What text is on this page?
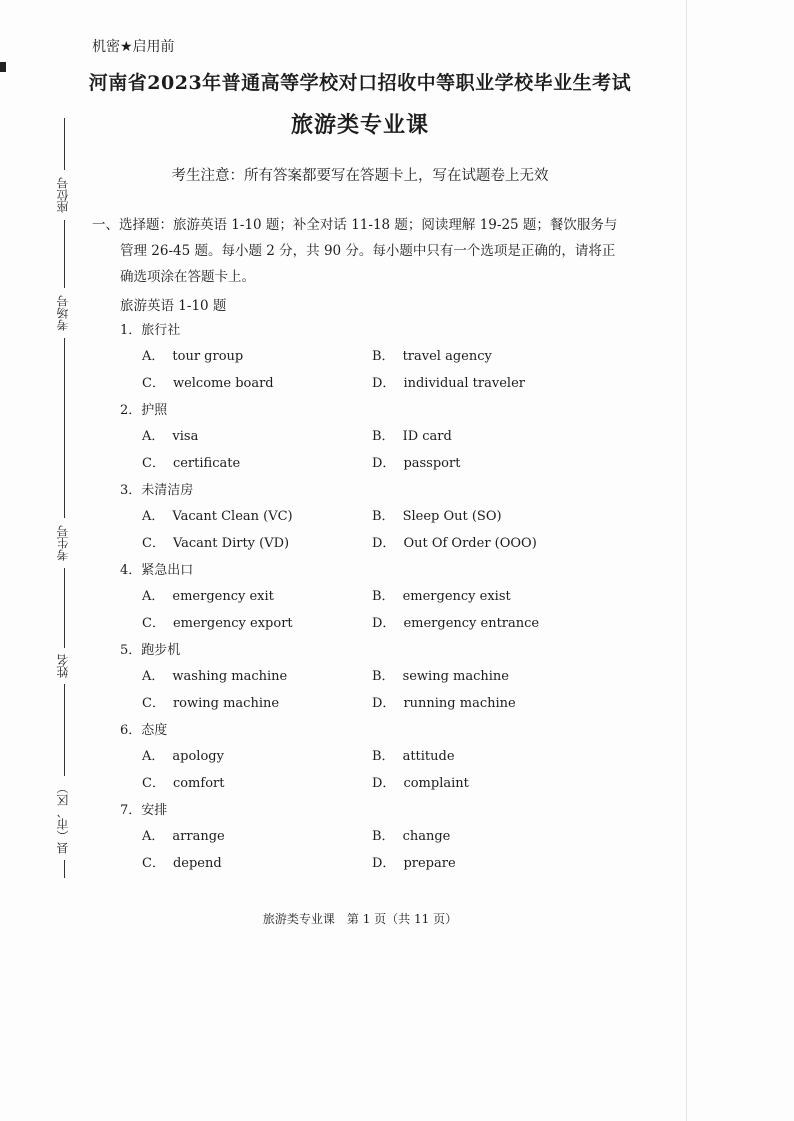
座位号
考场号
考生号
姓名
县（市、区）
机密★启用前
河南省2023年普通高等学校对口招收中等职业学校毕业生考试
旅游类专业课
考生注意：所有答案都要写在答题卡上，写在试题卷上无效
一、选择题：旅游英语 1-10 题；补全对话 11-18 题；阅读理解 19-25 题；餐饮服务与
管理 26-45 题。每小题 2 分，共 90 分。每小题中只有一个选项是正确的，请将正
确选项涂在答题卡上。
旅游英语 1-10 题
1．旅行社
A． tour group	B． travel agency
C． welcome board	D． individual traveler
2．护照
A． visa	B． ID card
C． certificate	D． passport
3．未清洁房
A． Vacant Clean (VC)	B． Sleep Out (SO)
C． Vacant Dirty (VD)	D． Out Of Order (OOO)
4．紧急出口
A． emergency exit	B． emergency exist
C． emergency export	D． emergency entrance
5．跑步机
A． washing machine	B． sewing machine
C． rowing machine	D． running machine
6．态度
A． apology	B． attitude
C． comfort	D． complaint
7．安排
A． arrange	B． change
C． depend	D． prepare
旅游类专业课　第 1 页（共 11 页）
